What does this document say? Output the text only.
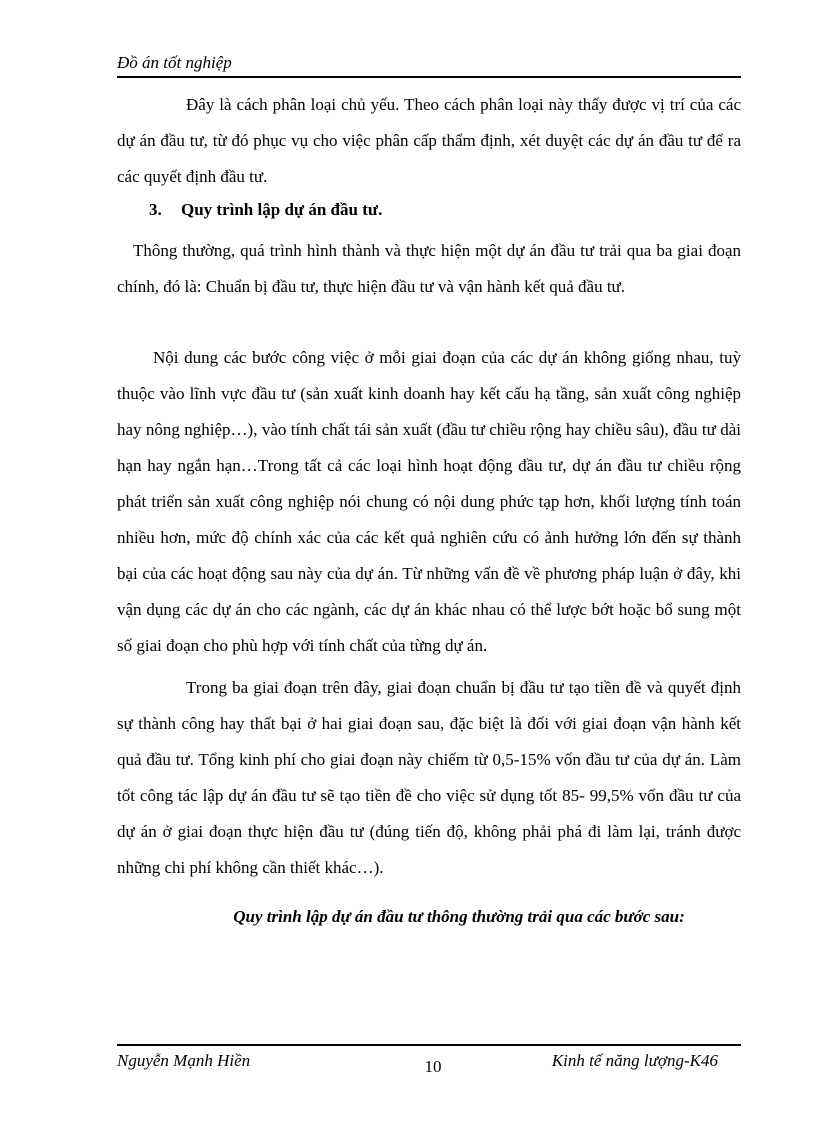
Đồ án tốt nghiệp
Đây là cách phân loại chủ yếu. Theo cách phân loại này thấy được vị trí của các dự án đầu tư, từ đó phục vụ cho việc phân cấp thẩm định, xét duyệt các dự án đầu tư để ra các quyết định đầu tư.
3. Quy trình lập dự án đầu tư.
Thông thường, quá trình hình thành và thực hiện một dự án đầu tư trải qua ba giai đoạn chính, đó là: Chuẩn bị đầu tư, thực hiện đầu tư và vận hành kết quả đầu tư.
Nội dung các bước công việc ở mỗi giai đoạn của các dự án không giống nhau, tuỳ thuộc vào lĩnh vực đầu tư (sản xuất kinh doanh hay kết cấu hạ tầng, sản xuất công nghiệp hay nông nghiệp…), vào tính chất tái sản xuất (đầu tư chiều rộng hay chiều sâu), đầu tư dài hạn hay ngắn hạn…Trong tất cả các loại hình hoạt động đầu tư, dự án đầu tư chiều rộng phát triển sản xuất công nghiệp nói chung có nội dung phức tạp hơn, khối lượng tính toán nhiều hơn, mức độ chính xác của các kết quả nghiên cứu có ảnh hưởng lớn đến sự thành bại của các hoạt động sau này của dự án. Từ những vấn đề về phương pháp luận ở đây, khi vận dụng các dự án cho các ngành, các dự án khác nhau có thể lược bớt hoặc bổ sung một số giai đoạn cho phù hợp với tính chất của từng dự án.
Trong ba giai đoạn trên đây, giai đoạn chuẩn bị đầu tư tạo tiền đề và quyết định sự thành công hay thất bại ở hai giai đoạn sau, đặc biệt là đối với giai đoạn vận hành kết quả đầu tư. Tổng kinh phí cho giai đoạn này chiếm từ 0,5-15% vốn đầu tư của dự án. Làm tốt công tác lập dự án đầu tư sẽ tạo tiền đề cho việc sử dụng tốt 85- 99,5% vốn đầu tư của dự án ở giai đoạn thực hiện đầu tư (đúng tiến độ, không phải phá đi làm lại, tránh được những chi phí không cần thiết khác…).
Quy trình lập dự án đầu tư thông thường trải qua các bước sau:
Nguyễn Mạnh Hiền	10	Kinh tế năng lượng-K46
